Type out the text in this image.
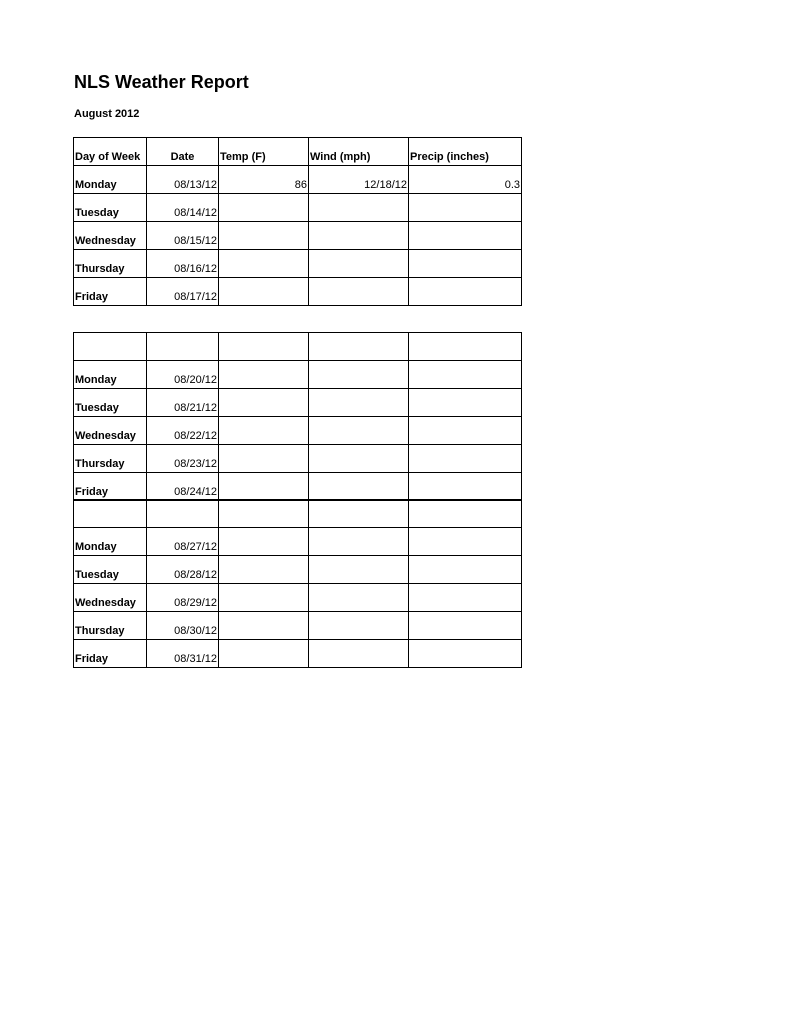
NLS Weather Report
August 2012
Day of Week	Date	Temp (F)	Wind (mph)	Precip (inches)
Monday	08/13/12	86	12/18/12	0.3
Tuesday	08/14/12			
Wednesday	08/15/12			
Thursday	08/16/12			
Friday	08/17/12			

Monday	08/20/12			
Tuesday	08/21/12			
Wednesday	08/22/12			
Thursday	08/23/12			
Friday	08/24/12			

Monday	08/27/12			
Tuesday	08/28/12			
Wednesday	08/29/12			
Thursday	08/30/12			
Friday	08/31/12			
